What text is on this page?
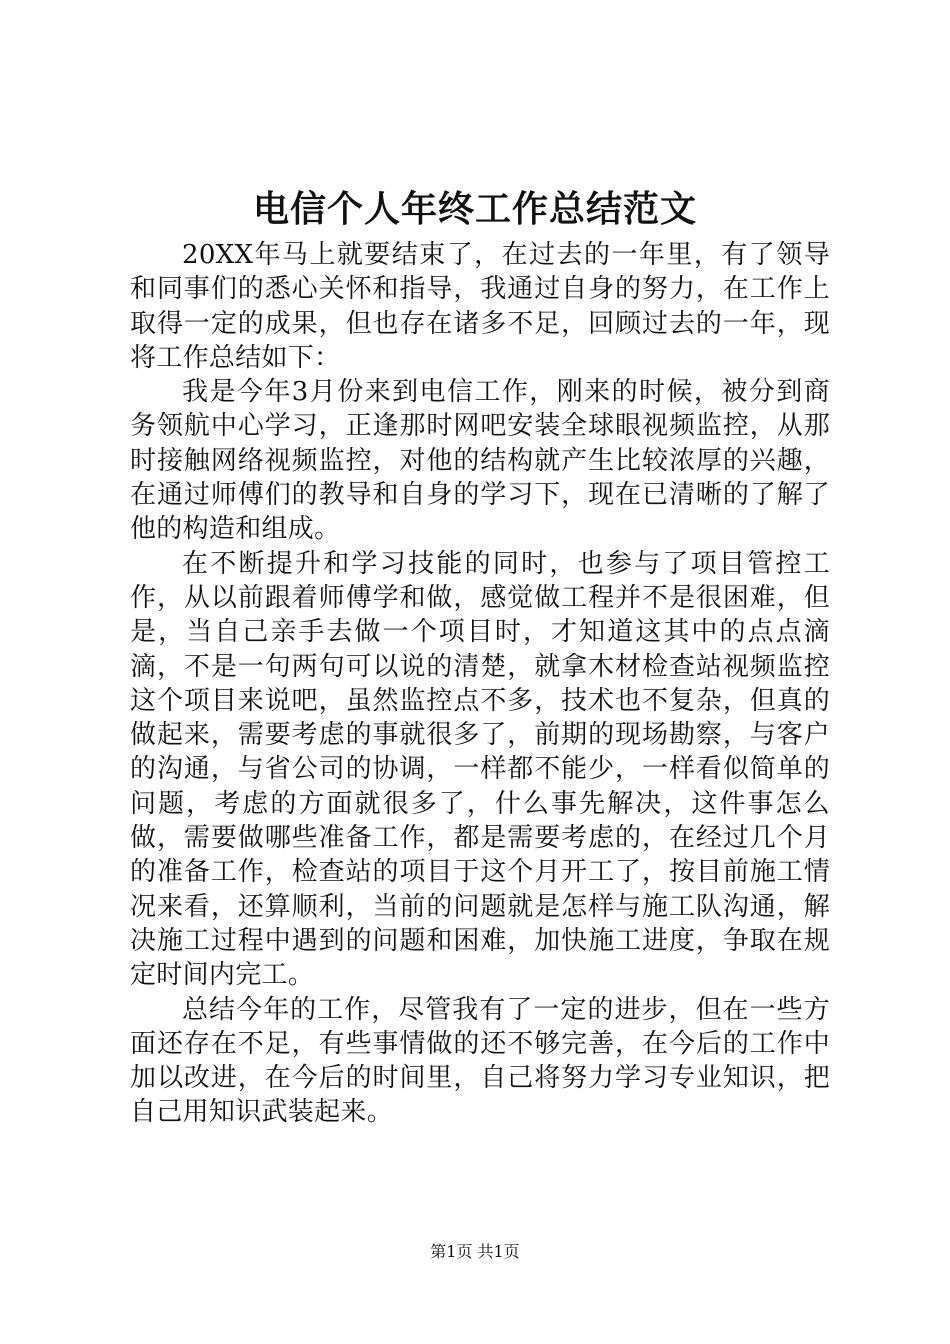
电信个人年终工作总结范文

20XX年马上就要结束了，在过去的一年里，有了领导和同事们的悉心关怀和指导，我通过自身的努力，在工作上取得一定的成果，但也存在诸多不足，回顾过去的一年，现将工作总结如下：

我是今年3月份来到电信工作，刚来的时候，被分到商务领航中心学习，正逢那时网吧安装全球眼视频监控，从那时接触网络视频监控，对他的结构就产生比较浓厚的兴趣，在通过师傅们的教导和自身的学习下，现在已清晰的了解了他的构造和组成。

在不断提升和学习技能的同时，也参与了项目管控工作，从以前跟着师傅学和做，感觉做工程并不是很困难，但是，当自己亲手去做一个项目时，才知道这其中的点点滴滴，不是一句两句可以说的清楚，就拿木材检查站视频监控这个项目来说吧，虽然监控点不多，技术也不复杂，但真的做起来，需要考虑的事就很多了，前期的现场勘察，与客户的沟通，与省公司的协调，一样都不能少，一样看似简单的问题，考虑的方面就很多了，什么事先解决，这件事怎么做，需要做哪些准备工作，都是需要考虑的，在经过几个月的准备工作，检查站的项目于这个月开工了，按目前施工情况来看，还算顺利，当前的问题就是怎样与施工队沟通，解决施工过程中遇到的问题和困难，加快施工进度，争取在规定时间内完工。

总结今年的工作，尽管我有了一定的进步，但在一些方面还存在不足，有些事情做的还不够完善，在今后的工作中加以改进，在今后的时间里，自己将努力学习专业知识，把自己用知识武装起来。

第1页 共1页
